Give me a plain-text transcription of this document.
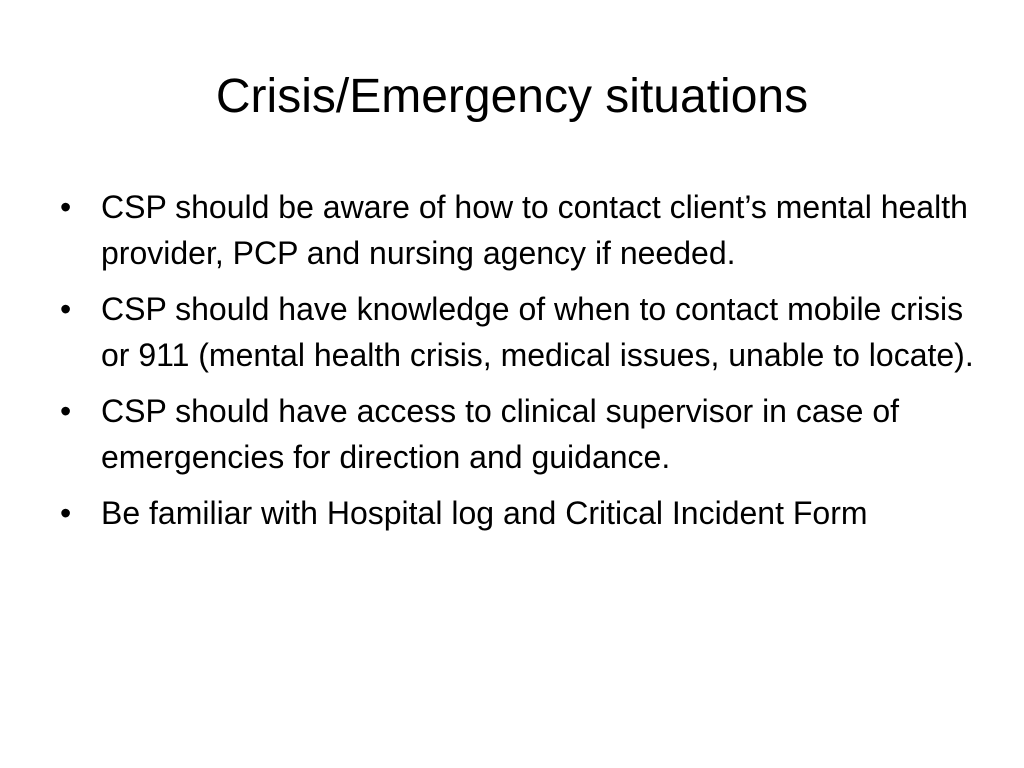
Crisis/Emergency situations
• CSP should be aware of how to contact client’s mental health provider, PCP and nursing agency if needed.
• CSP should have knowledge of when to contact mobile crisis or 911 (mental health crisis, medical issues, unable to locate).
• CSP should have access to clinical supervisor in case of emergencies for direction and guidance.
• Be familiar with Hospital log and Critical Incident Form
